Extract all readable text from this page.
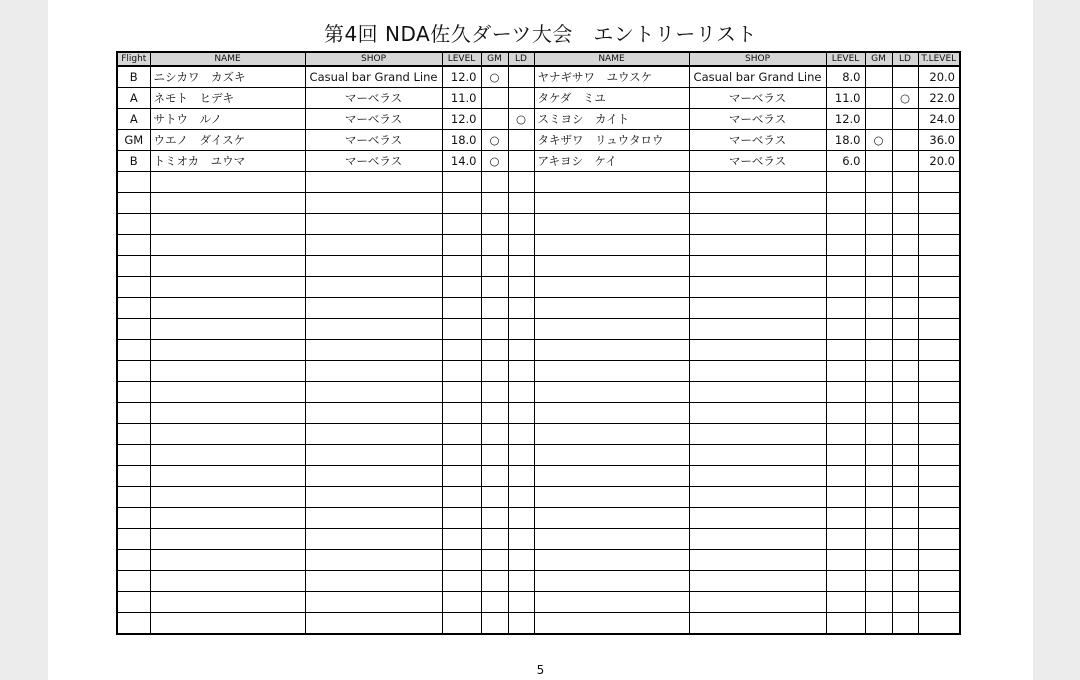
第4回 NDA佐久ダーツ大会　エントリーリスト
Flight	NAME	SHOP	LEVEL	GM	LD	NAME	SHOP	LEVEL	GM	LD	T.LEVEL
B	ニシカワ　カズキ	Casual bar Grand Line	12.0	○		ヤナギサワ　ユウスケ	Casual bar Grand Line	8.0			20.0
A	ネモト　ヒデキ	マーベラス	11.0			タケダ　ミユ	マーベラス	11.0		○	22.0
A	サトウ　ルノ	マーベラス	12.0		○	スミヨシ　カイト	マーベラス	12.0			24.0
GM	ウエノ　ダイスケ	マーベラス	18.0	○		タキザワ　リュウタロウ	マーベラス	18.0	○		36.0
B	トミオカ　ユウマ	マーベラス	14.0	○		アキヨシ　ケイ	マーベラス	6.0			20.0

5
